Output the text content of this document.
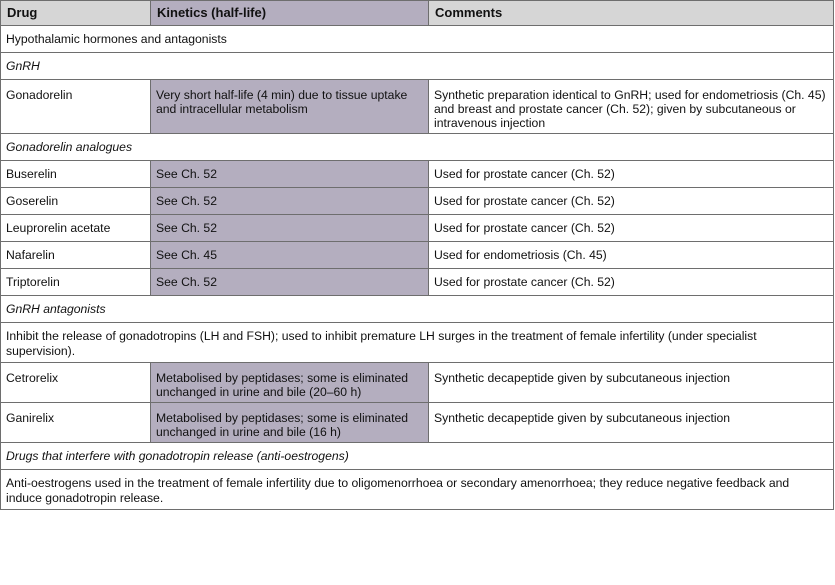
Drug	Kinetics (half-life)	Comments
Hypothalamic hormones and antagonists		
GnRH		
Gonadorelin	Very short half-life (4 min) due to tissue uptake and intracellular metabolism	Synthetic preparation identical to GnRH; used for endometriosis (Ch. 45) and breast and prostate cancer (Ch. 52); given by subcutaneous or intravenous injection
Gonadorelin analogues		
Buserelin	See Ch. 52	Used for prostate cancer (Ch. 52)
Goserelin	See Ch. 52	Used for prostate cancer (Ch. 52)
Leuprorelin acetate	See Ch. 52	Used for prostate cancer (Ch. 52)
Nafarelin	See Ch. 45	Used for endometriosis (Ch. 45)
Triptorelin	See Ch. 52	Used for prostate cancer (Ch. 52)
GnRH antagonists		
Inhibit the release of gonadotropins (LH and FSH); used to inhibit premature LH surges in the treatment of female infertility (under specialist supervision).		
Cetrorelix	Metabolised by peptidases; some is eliminated unchanged in urine and bile (20–60 h)	Synthetic decapeptide given by subcutaneous injection
Ganirelix	Metabolised by peptidases; some is eliminated unchanged in urine and bile (16 h)	Synthetic decapeptide given by subcutaneous injection
Drugs that interfere with gonadotropin release (anti-oestrogens)		
Anti-oestrogens used in the treatment of female infertility due to oligomenorrhoea or secondary amenorrhoea; they reduce negative feedback and induce gonadotropin release.		
